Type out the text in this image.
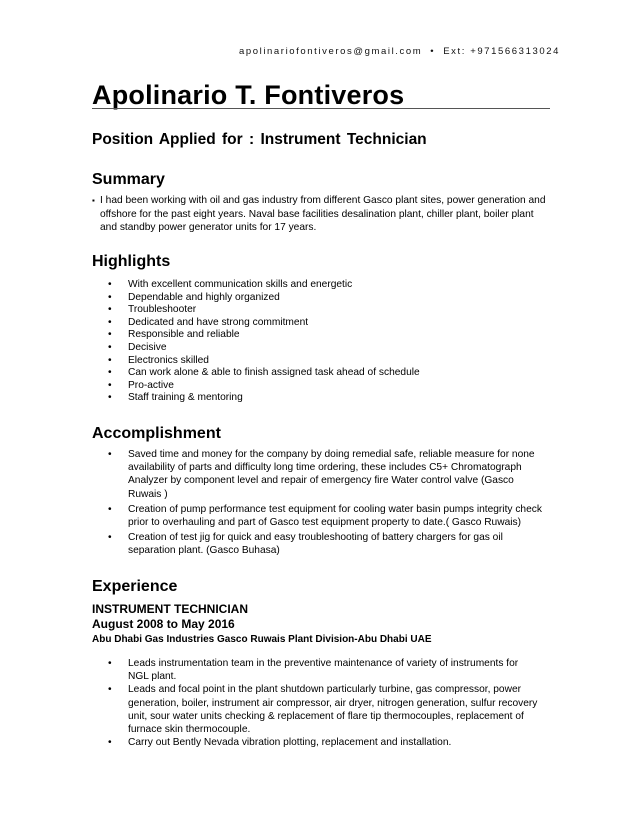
apolinariofontiveros@gmail.com • Ext: +971566313024
Apolinario T. Fontiveros
Position Applied for : Instrument Technician
Summary
▪ I had been working with oil and gas industry from different Gasco plant sites, power generation and offshore for the past eight years. Naval base facilities desalination plant, chiller plant, boiler plant and standby power generator units for 17 years.

Highlights
• With excellent communication skills and energetic
• Dependable and highly organized
• Troubleshooter
• Dedicated and have strong commitment
• Responsible and reliable
• Decisive
• Electronics skilled
• Can work alone & able to finish assigned task ahead of schedule
• Pro-active
• Staff training & mentoring
Accomplishment
• Saved time and money for the company by doing remedial safe, reliable measure for none availability of parts and difficulty long time ordering, these includes C5+ Chromatograph Analyzer by component level and repair of emergency fire Water control valve (Gasco Ruwais )
• Creation of pump performance test equipment for cooling water basin pumps integrity check prior to overhauling and part of Gasco test equipment property to date.( Gasco Ruwais)
• Creation of test jig for quick and easy troubleshooting of battery chargers for gas oil separation plant. (Gasco Buhasa)
Experience

INSTRUMENT TECHNICIAN

August 2008 to May 2016

Abu Dhabi Gas Industries Gasco Ruwais Plant Division-Abu Dhabi UAE

• Leads instrumentation team in the preventive maintenance of variety of instruments for NGL plant.
• Leads and focal point in the plant shutdown particularly turbine, gas compressor, power generation, boiler, instrument air compressor, air dryer, nitrogen generation, sulfur recovery unit, sour water units checking & replacement of flare tip thermocouples, replacement of furnace skin thermocouple.
• Carry out Bently Nevada vibration plotting, replacement and installation.
